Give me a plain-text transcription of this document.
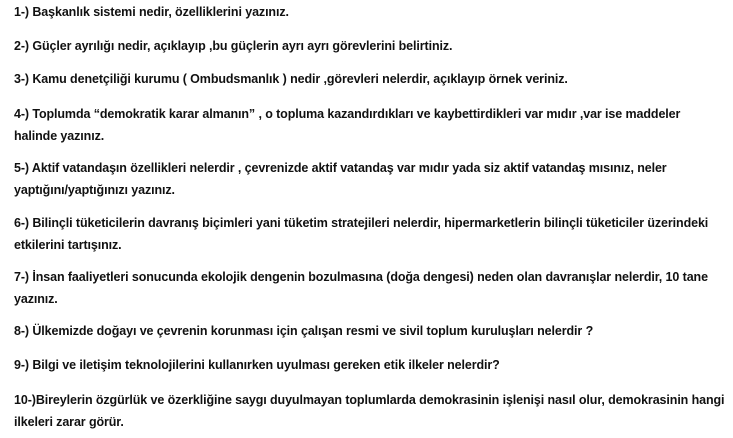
1-) Başkanlık sistemi nedir, özelliklerini yazınız.
2-) Güçler ayrılığı nedir, açıklayıp ,bu güçlerin ayrı ayrı görevlerini belirtiniz.
3-) Kamu denetçiliği kurumu ( Ombudsmanlık ) nedir ,görevleri nelerdir, açıklayıp örnek veriniz.
4-) Toplumda “demokratik karar almanın” , o topluma kazandırdıkları ve kaybettirdikleri var mıdır ,var ise maddeler halinde yazınız.
5-) Aktif vatandaşın özellikleri nelerdir , çevrenizde aktif vatandaş var mıdır yada siz aktif vatandaş mısınız, neler yaptığını/yaptığınızı yazınız.
6-) Bilinçli tüketicilerin davranış biçimleri yani tüketim stratejileri nelerdir, hipermarketlerin bilinçli tüketiciler üzerindeki etkilerini tartışınız.
7-) İnsan faaliyetleri sonucunda ekolojik dengenin bozulmasına (doğa dengesi) neden olan davranışlar nelerdir, 10 tane yazınız.
8-) Ülkemizde doğayı ve çevrenin korunması için çalışan resmi ve sivil toplum kuruluşları nelerdir ?
9-) Bilgi ve iletişim teknolojilerini kullanırken uyulması gereken etik ilkeler nelerdir?
10-)Bireylerin özgürlük ve özerkliğine saygı duyulmayan toplumlarda demokrasinin işlenişi nasıl olur, demokrasinin hangi ilkeleri zarar görür.
